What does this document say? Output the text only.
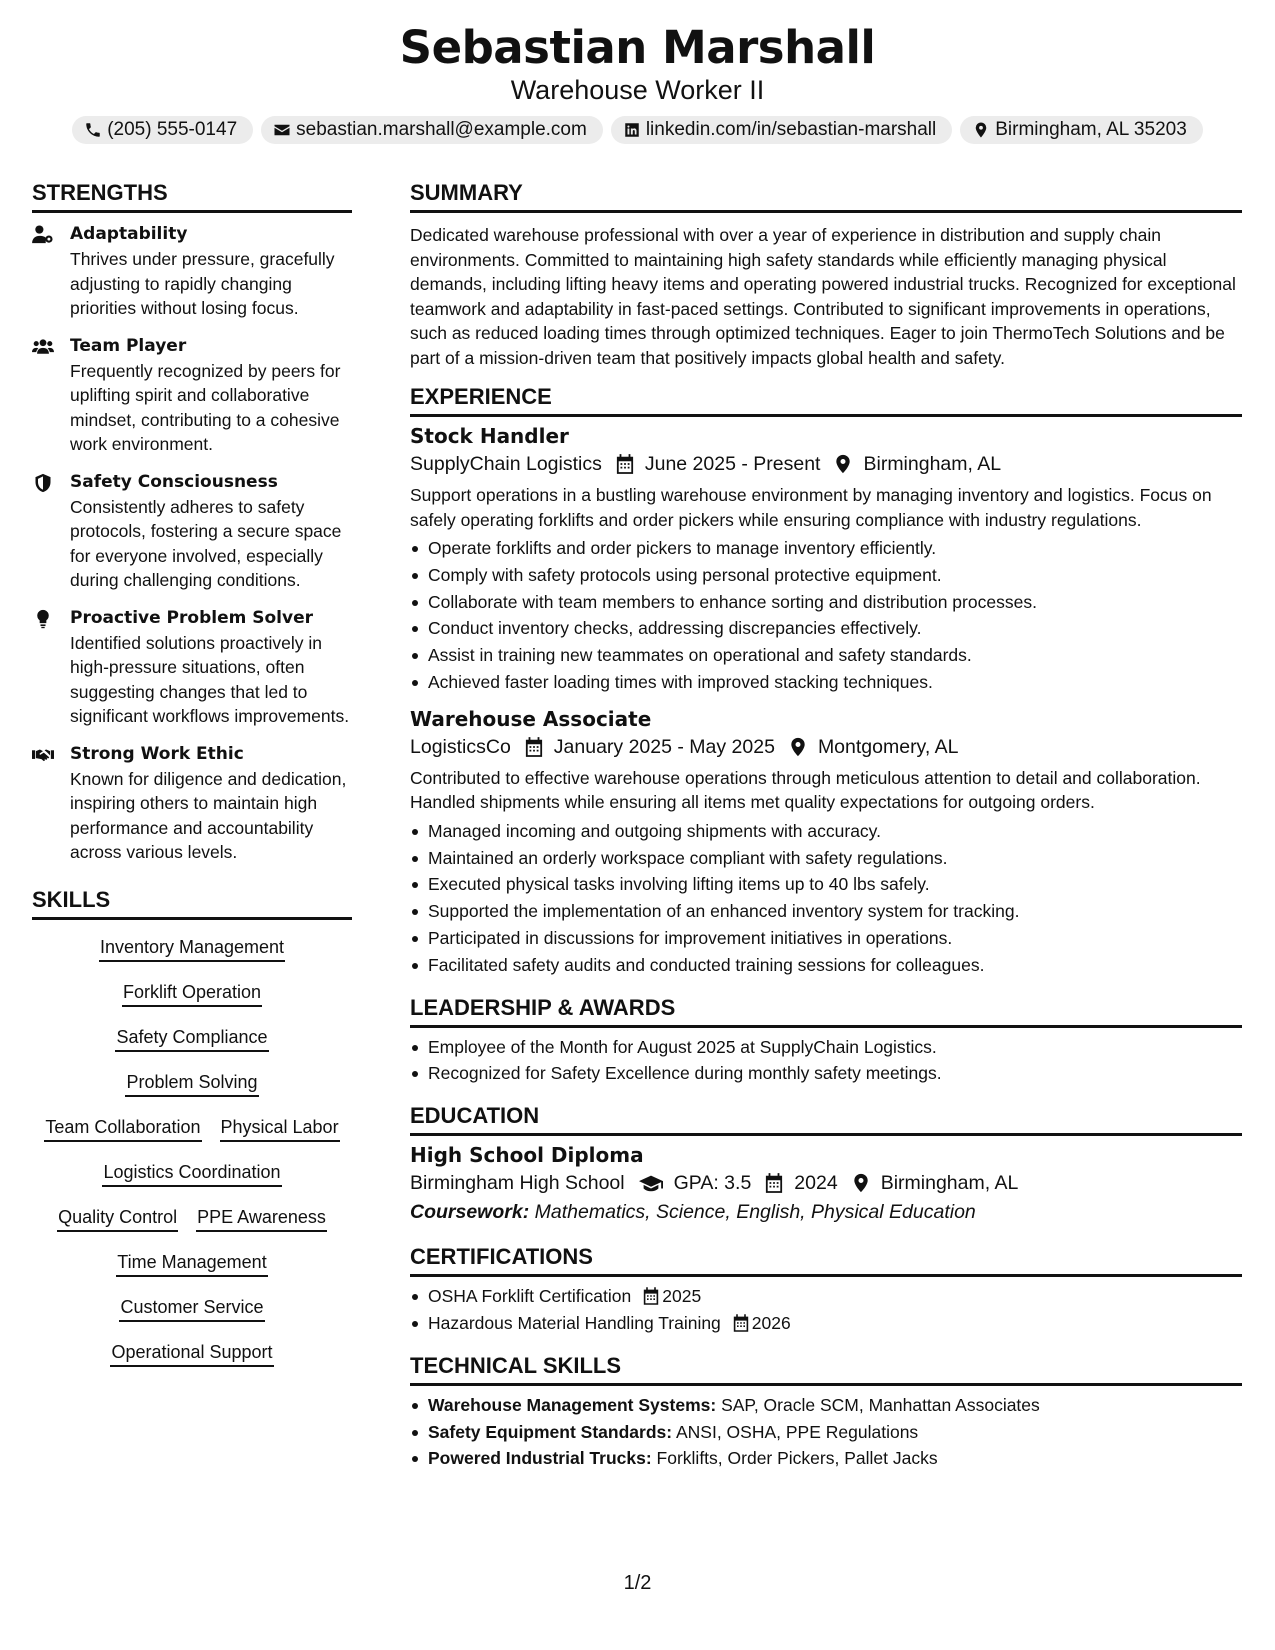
Sebastian Marshall
Warehouse Worker II
(205) 555-0147	sebastian.marshall@example.com	linkedin.com/in/sebastian-marshall	Birmingham, AL 35203
STRENGTHS
Adaptability
Thrives under pressure, gracefully adjusting to rapidly changing priorities without losing focus.
Team Player
Frequently recognized by peers for uplifting spirit and collaborative mindset, contributing to a cohesive work environment.
Safety Consciousness
Consistently adheres to safety protocols, fostering a secure space for everyone involved, especially during challenging conditions.
Proactive Problem Solver
Identified solutions proactively in high-pressure situations, often suggesting changes that led to significant workflows improvements.
Strong Work Ethic
Known for diligence and dedication, inspiring others to maintain high performance and accountability across various levels.
SKILLS
Inventory Management
Forklift Operation
Safety Compliance
Problem Solving
Team Collaboration Physical Labor
Logistics Coordination
Quality Control PPE Awareness
Time Management
Customer Service
Operational Support
SUMMARY
Dedicated warehouse professional with over a year of experience in distribution and supply chain environments. Committed to maintaining high safety standards while efficiently managing physical demands, including lifting heavy items and operating powered industrial trucks. Recognized for exceptional teamwork and adaptability in fast-paced settings. Contributed to significant improvements in operations, such as reduced loading times through optimized techniques. Eager to join ThermoTech Solutions and be part of a mission-driven team that positively impacts global health and safety.
EXPERIENCE
Stock Handler
SupplyChain Logistics June 2025 - Present Birmingham, AL
Support operations in a bustling warehouse environment by managing inventory and logistics. Focus on safely operating forklifts and order pickers while ensuring compliance with industry regulations.
Operate forklifts and order pickers to manage inventory efficiently.
Comply with safety protocols using personal protective equipment.
Collaborate with team members to enhance sorting and distribution processes.
Conduct inventory checks, addressing discrepancies effectively.
Assist in training new teammates on operational and safety standards.
Achieved faster loading times with improved stacking techniques.
Warehouse Associate
LogisticsCo January 2025 - May 2025 Montgomery, AL
Contributed to effective warehouse operations through meticulous attention to detail and collaboration. Handled shipments while ensuring all items met quality expectations for outgoing orders.
Managed incoming and outgoing shipments with accuracy.
Maintained an orderly workspace compliant with safety regulations.
Executed physical tasks involving lifting items up to 40 lbs safely.
Supported the implementation of an enhanced inventory system for tracking.
Participated in discussions for improvement initiatives in operations.
Facilitated safety audits and conducted training sessions for colleagues.
LEADERSHIP & AWARDS
Employee of the Month for August 2025 at SupplyChain Logistics.
Recognized for Safety Excellence during monthly safety meetings.
EDUCATION
High School Diploma
Birmingham High School	GPA: 3.5 2024 Birmingham, AL
Coursework: Mathematics, Science, English, Physical Education
CERTIFICATIONS
OSHA Forklift Certification 2025
Hazardous Material Handling Training 2026
TECHNICAL SKILLS
Warehouse Management Systems: SAP, Oracle SCM, Manhattan Associates
Safety Equipment Standards: ANSI, OSHA, PPE Regulations
Powered Industrial Trucks: Forklifts, Order Pickers, Pallet Jacks
1/2
